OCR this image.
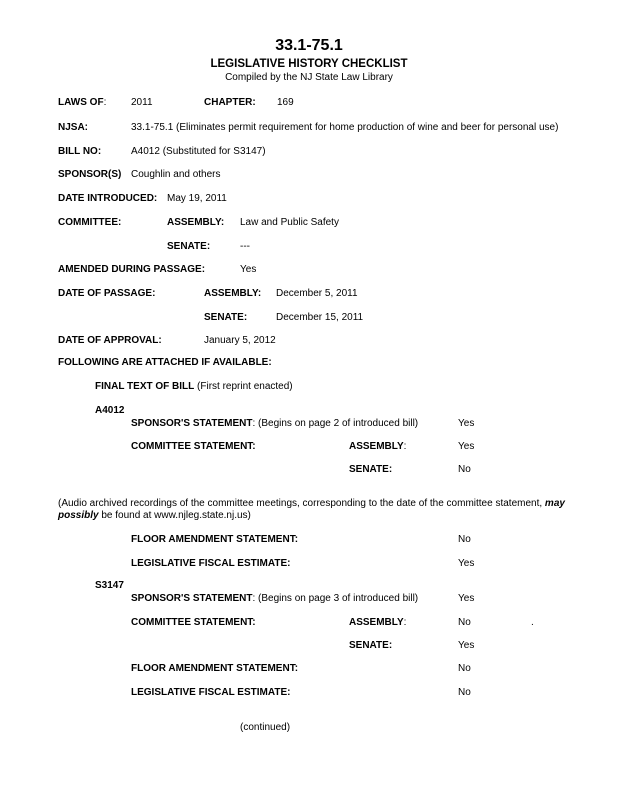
33.1-75.1
LEGISLATIVE HISTORY CHECKLIST
Compiled by the NJ State Law Library
LAWS OF: 2011	CHAPTER: 169
NJSA:	33.1-75.1 (Eliminates permit requirement for home production of wine and beer for personal use)
BILL NO:	A4012 (Substituted for S3147)
SPONSOR(S) Coughlin and others
DATE INTRODUCED: May 19, 2011
COMMITTEE:	ASSEMBLY: Law and Public Safety
SENATE:	---
AMENDED DURING PASSAGE:	Yes
DATE OF PASSAGE:	ASSEMBLY: December 5, 2011
SENATE:	December 15, 2011
DATE OF APPROVAL:	January 5, 2012
FOLLOWING ARE ATTACHED IF AVAILABLE:
FINAL TEXT OF BILL (First reprint enacted)
A4012
SPONSOR'S STATEMENT: (Begins on page 2 of introduced bill)	Yes
COMMITTEE STATEMENT:	ASSEMBLY:	Yes
SENATE:	No
(Audio archived recordings of the committee meetings, corresponding to the date of the committee statement, may possibly be found at www.njleg.state.nj.us)
FLOOR AMENDMENT STATEMENT:	No
LEGISLATIVE FISCAL ESTIMATE:	Yes
S3147
SPONSOR'S STATEMENT: (Begins on page 3 of introduced bill)	Yes
COMMITTEE STATEMENT:	ASSEMBLY:	No	.
SENATE:	Yes
FLOOR AMENDMENT STATEMENT:	No
LEGISLATIVE FISCAL ESTIMATE:	No
(continued)
